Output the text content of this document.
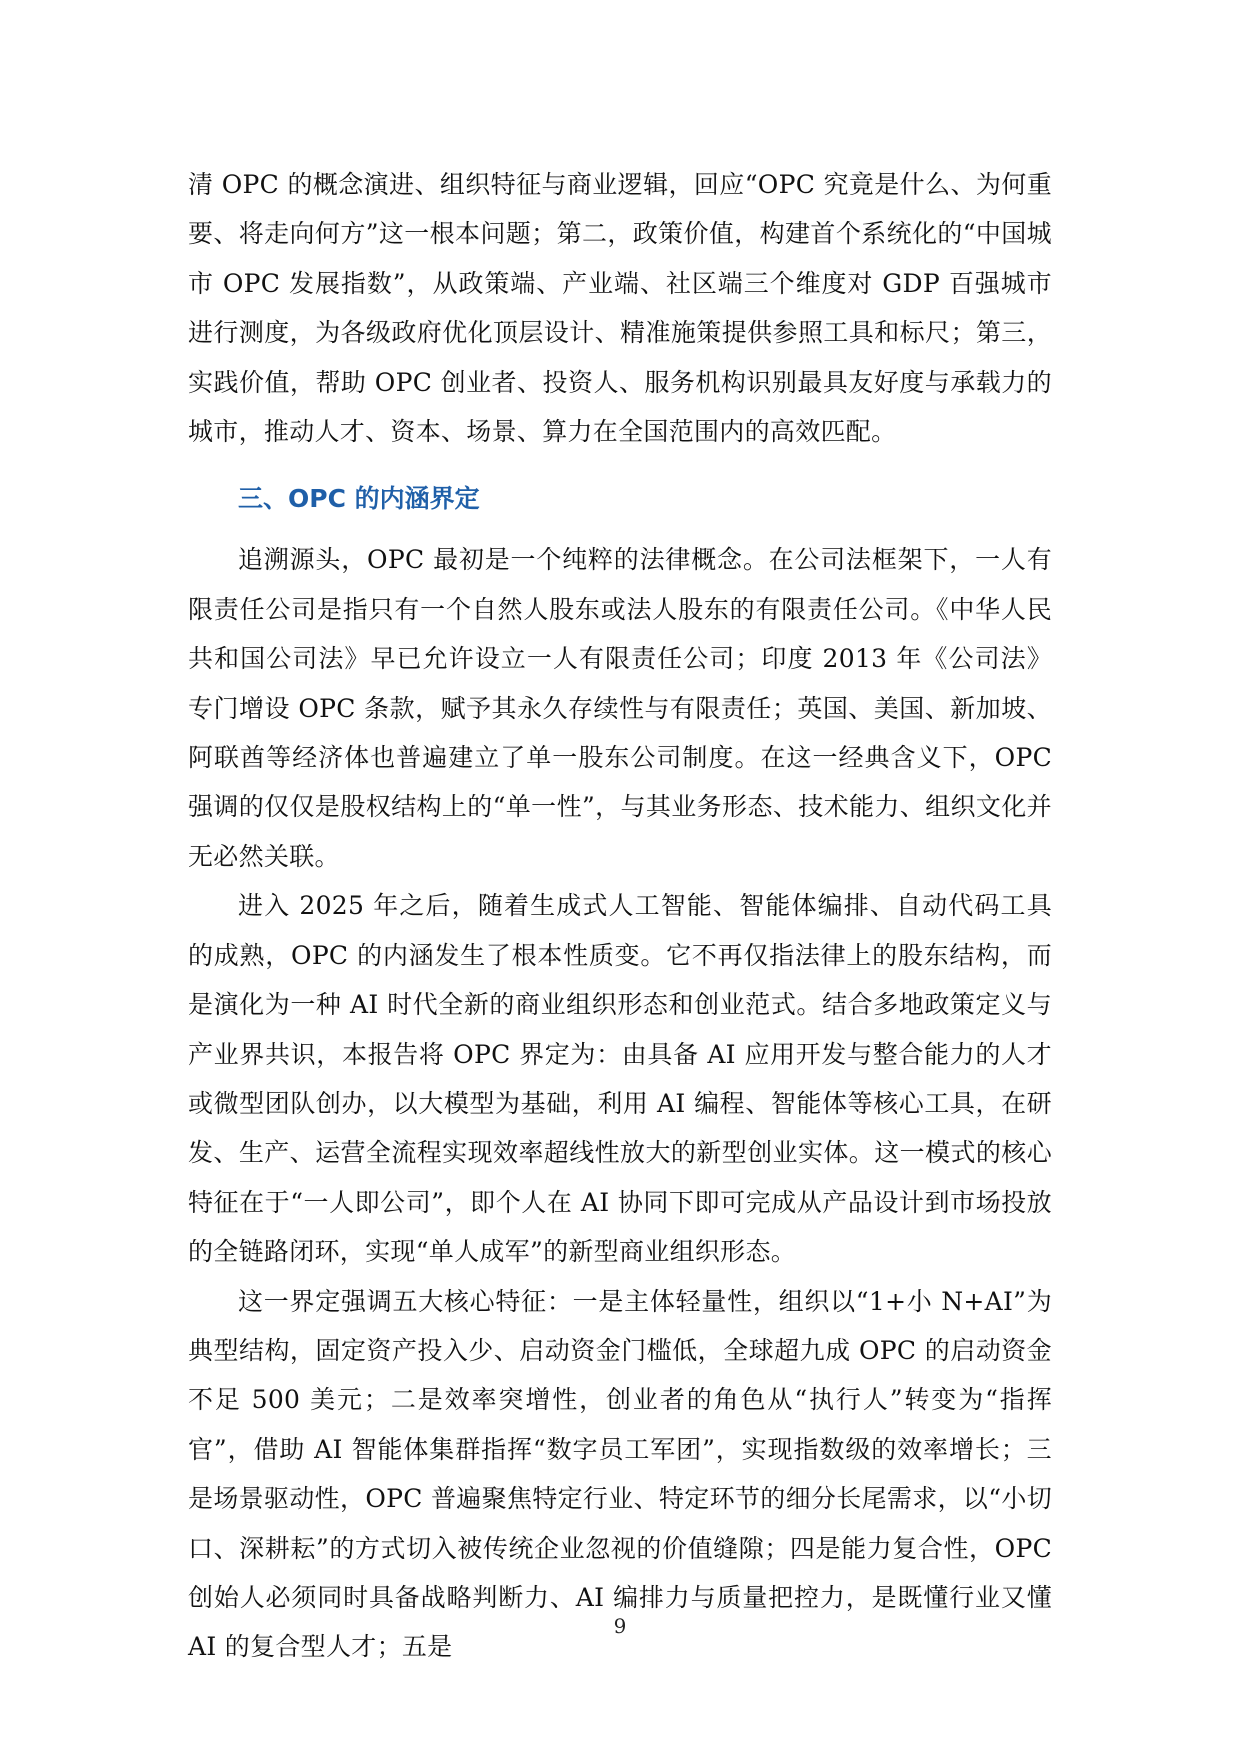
清 OPC 的概念演进、组织特征与商业逻辑，回应“OPC 究竟是什么、为何重要、将走向何方”这一根本问题；第二，政策价值，构建首个系统化的“中国城市 OPC 发展指数”，从政策端、产业端、社区端三个维度对 GDP 百强城市进行测度，为各级政府优化顶层设计、精准施策提供参照工具和标尺；第三，实践价值，帮助 OPC 创业者、投资人、服务机构识别最具友好度与承载力的城市，推动人才、资本、场景、算力在全国范围内的高效匹配。

三、OPC 的内涵界定

追溯源头，OPC 最初是一个纯粹的法律概念。在公司法框架下，一人有限责任公司是指只有一个自然人股东或法人股东的有限责任公司。《中华人民共和国公司法》早已允许设立一人有限责任公司；印度 2013 年《公司法》专门增设 OPC 条款，赋予其永久存续性与有限责任；英国、美国、新加坡、阿联酋等经济体也普遍建立了单一股东公司制度。在这一经典含义下，OPC 强调的仅仅是股权结构上的“单一性”，与其业务形态、技术能力、组织文化并无必然关联。

进入 2025 年之后，随着生成式人工智能、智能体编排、自动代码工具的成熟，OPC 的内涵发生了根本性质变。它不再仅指法律上的股东结构，而是演化为一种 AI 时代全新的商业组织形态和创业范式。结合多地政策定义与产业界共识，本报告将 OPC 界定为：由具备 AI 应用开发与整合能力的人才或微型团队创办，以大模型为基础，利用 AI 编程、智能体等核心工具，在研发、生产、运营全流程实现效率超线性放大的新型创业实体。这一模式的核心特征在于“一人即公司”，即个人在 AI 协同下即可完成从产品设计到市场投放的全链路闭环，实现“单人成军”的新型商业组织形态。

这一界定强调五大核心特征：一是主体轻量性，组织以“1+小 N+AI”为典型结构，固定资产投入少、启动资金门槛低，全球超九成 OPC 的启动资金不足 500 美元；二是效率突增性，创业者的角色从“执行人”转变为“指挥官”，借助 AI 智能体集群指挥“数字员工军团”，实现指数级的效率增长；三是场景驱动性，OPC 普遍聚焦特定行业、特定环节的细分长尾需求，以“小切口、深耕耘”的方式切入被传统企业忽视的价值缝隙；四是能力复合性，OPC 创始人必须同时具备战略判断力、AI 编排力与质量把控力，是既懂行业又懂 AI 的复合型人才；五是

9
